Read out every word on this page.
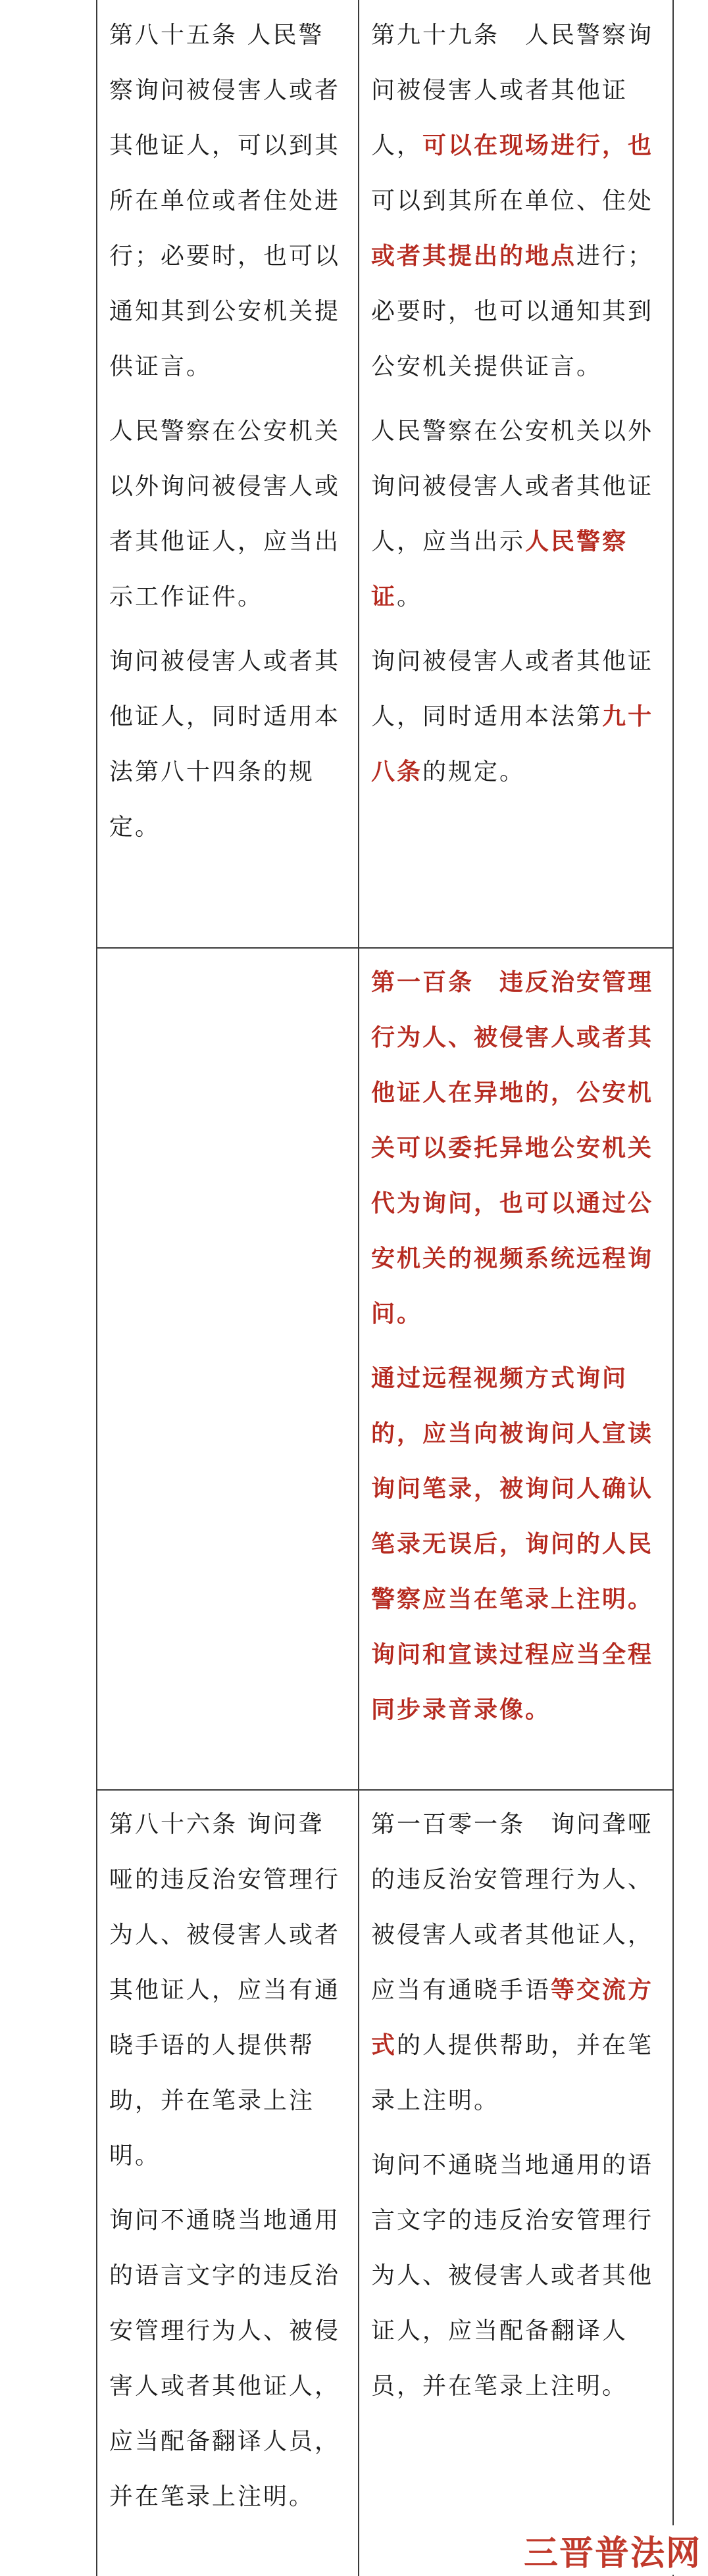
第八十五条 人民警察询问被侵害人或者其他证人，可以到其所在单位或者住处进行；必要时，也可以通知其到公安机关提供证言。

人民警察在公安机关以外询问被侵害人或者其他证人，应当出示工作证件。

询问被侵害人或者其他证人，同时适用本法第八十四条的规定。

第九十九条　人民警察询问被侵害人或者其他证人，可以在现场进行，也可以到其所在单位、住处或者其提出的地点进行；必要时，也可以通知其到公安机关提供证言。

人民警察在公安机关以外询问被侵害人或者其他证人，应当出示人民警察证。

询问被侵害人或者其他证人，同时适用本法第九十八条的规定。

第一百条　违反治安管理行为人、被侵害人或者其他证人在异地的，公安机关可以委托异地公安机关代为询问，也可以通过公安机关的视频系统远程询问。

通过远程视频方式询问的，应当向被询问人宣读询问笔录，被询问人确认笔录无误后，询问的人民警察应当在笔录上注明。询问和宣读过程应当全程同步录音录像。

第八十六条 询问聋哑的违反治安管理行为人、被侵害人或者其他证人，应当有通晓手语的人提供帮助，并在笔录上注明。

询问不通晓当地通用的语言文字的违反治安管理行为人、被侵害人或者其他证人，应当配备翻译人员，并在笔录上注明。

第一百零一条　询问聋哑的违反治安管理行为人、被侵害人或者其他证人，应当有通晓手语等交流方式的人提供帮助，并在笔录上注明。

询问不通晓当地通用的语言文字的违反治安管理行为人、被侵害人或者其他证人，应当配备翻译人员，并在笔录上注明。

三晋普法网
